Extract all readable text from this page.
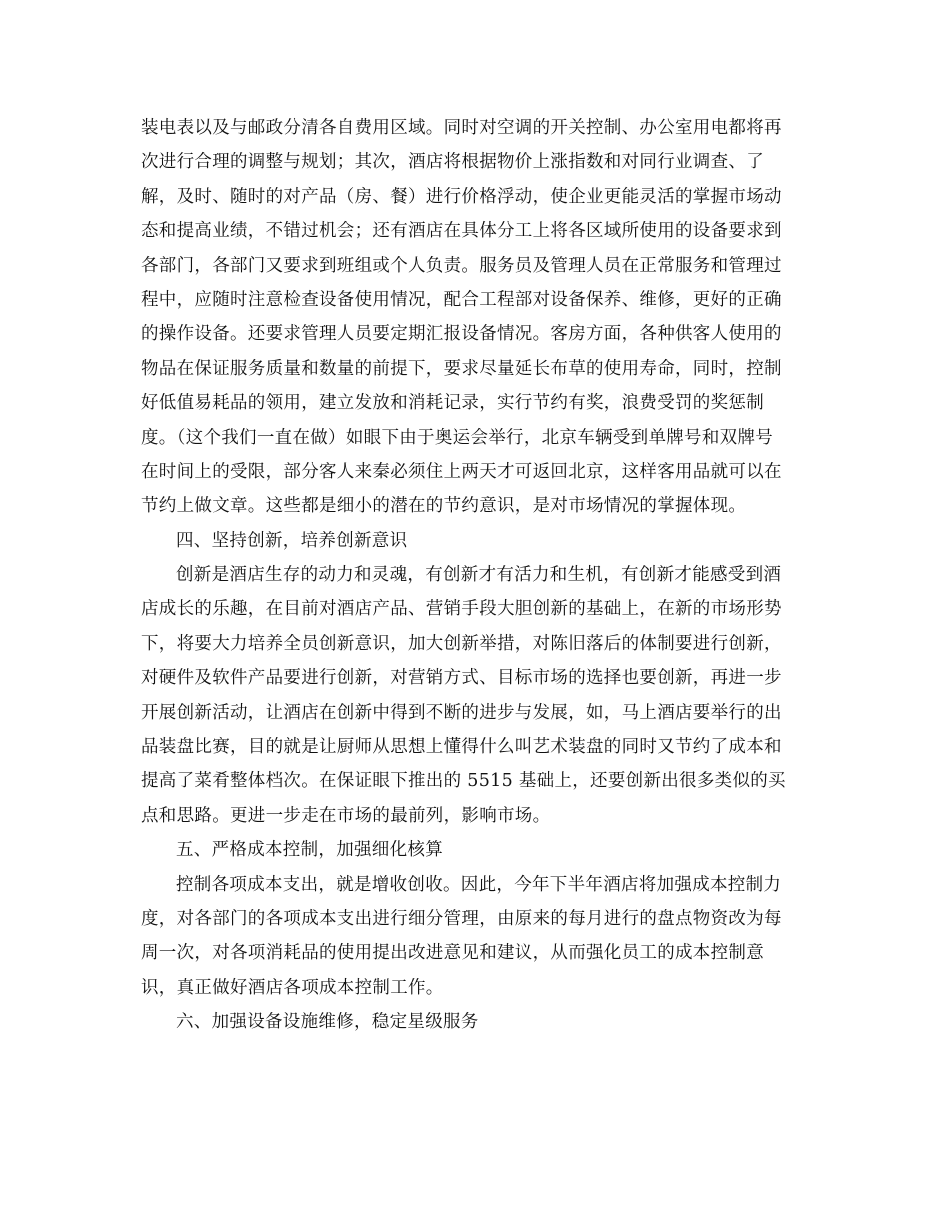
装电表以及与邮政分清各自费用区域。同时对空调的开关控制、办公室用电都将再
次进行合理的调整与规划；其次，酒店将根据物价上涨指数和对同行业调查、了
解，及时、随时的对产品（房、餐）进行价格浮动，使企业更能灵活的掌握市场动
态和提高业绩，不错过机会；还有酒店在具体分工上将各区域所使用的设备要求到
各部门，各部门又要求到班组或个人负责。服务员及管理人员在正常服务和管理过
程中，应随时注意检查设备使用情况，配合工程部对设备保养、维修，更好的正确
的操作设备。还要求管理人员要定期汇报设备情况。客房方面，各种供客人使用的
物品在保证服务质量和数量的前提下，要求尽量延长布草的使用寿命，同时，控制
好低值易耗品的领用，建立发放和消耗记录，实行节约有奖，浪费受罚的奖惩制
度。（这个我们一直在做）如眼下由于奥运会举行，北京车辆受到单牌号和双牌号
在时间上的受限，部分客人来秦必须住上两天才可返回北京，这样客用品就可以在
节约上做文章。这些都是细小的潜在的节约意识，是对市场情况的掌握体现。
四、坚持创新，培养创新意识
创新是酒店生存的动力和灵魂，有创新才有活力和生机，有创新才能感受到酒
店成长的乐趣，在目前对酒店产品、营销手段大胆创新的基础上，在新的市场形势
下，将要大力培养全员创新意识，加大创新举措，对陈旧落后的体制要进行创新，
对硬件及软件产品要进行创新，对营销方式、目标市场的选择也要创新，再进一步
开展创新活动，让酒店在创新中得到不断的进步与发展，如，马上酒店要举行的出
品装盘比赛，目的就是让厨师从思想上懂得什么叫艺术装盘的同时又节约了成本和
提高了菜肴整体档次。在保证眼下推出的 5515 基础上，还要创新出很多类似的买
点和思路。更进一步走在市场的最前列，影响市场。
五、严格成本控制，加强细化核算
控制各项成本支出，就是增收创收。因此，今年下半年酒店将加强成本控制力
度，对各部门的各项成本支出进行细分管理，由原来的每月进行的盘点物资改为每
周一次，对各项消耗品的使用提出改进意见和建议，从而强化员工的成本控制意
识，真正做好酒店各项成本控制工作。
六、加强设备设施维修，稳定星级服务
